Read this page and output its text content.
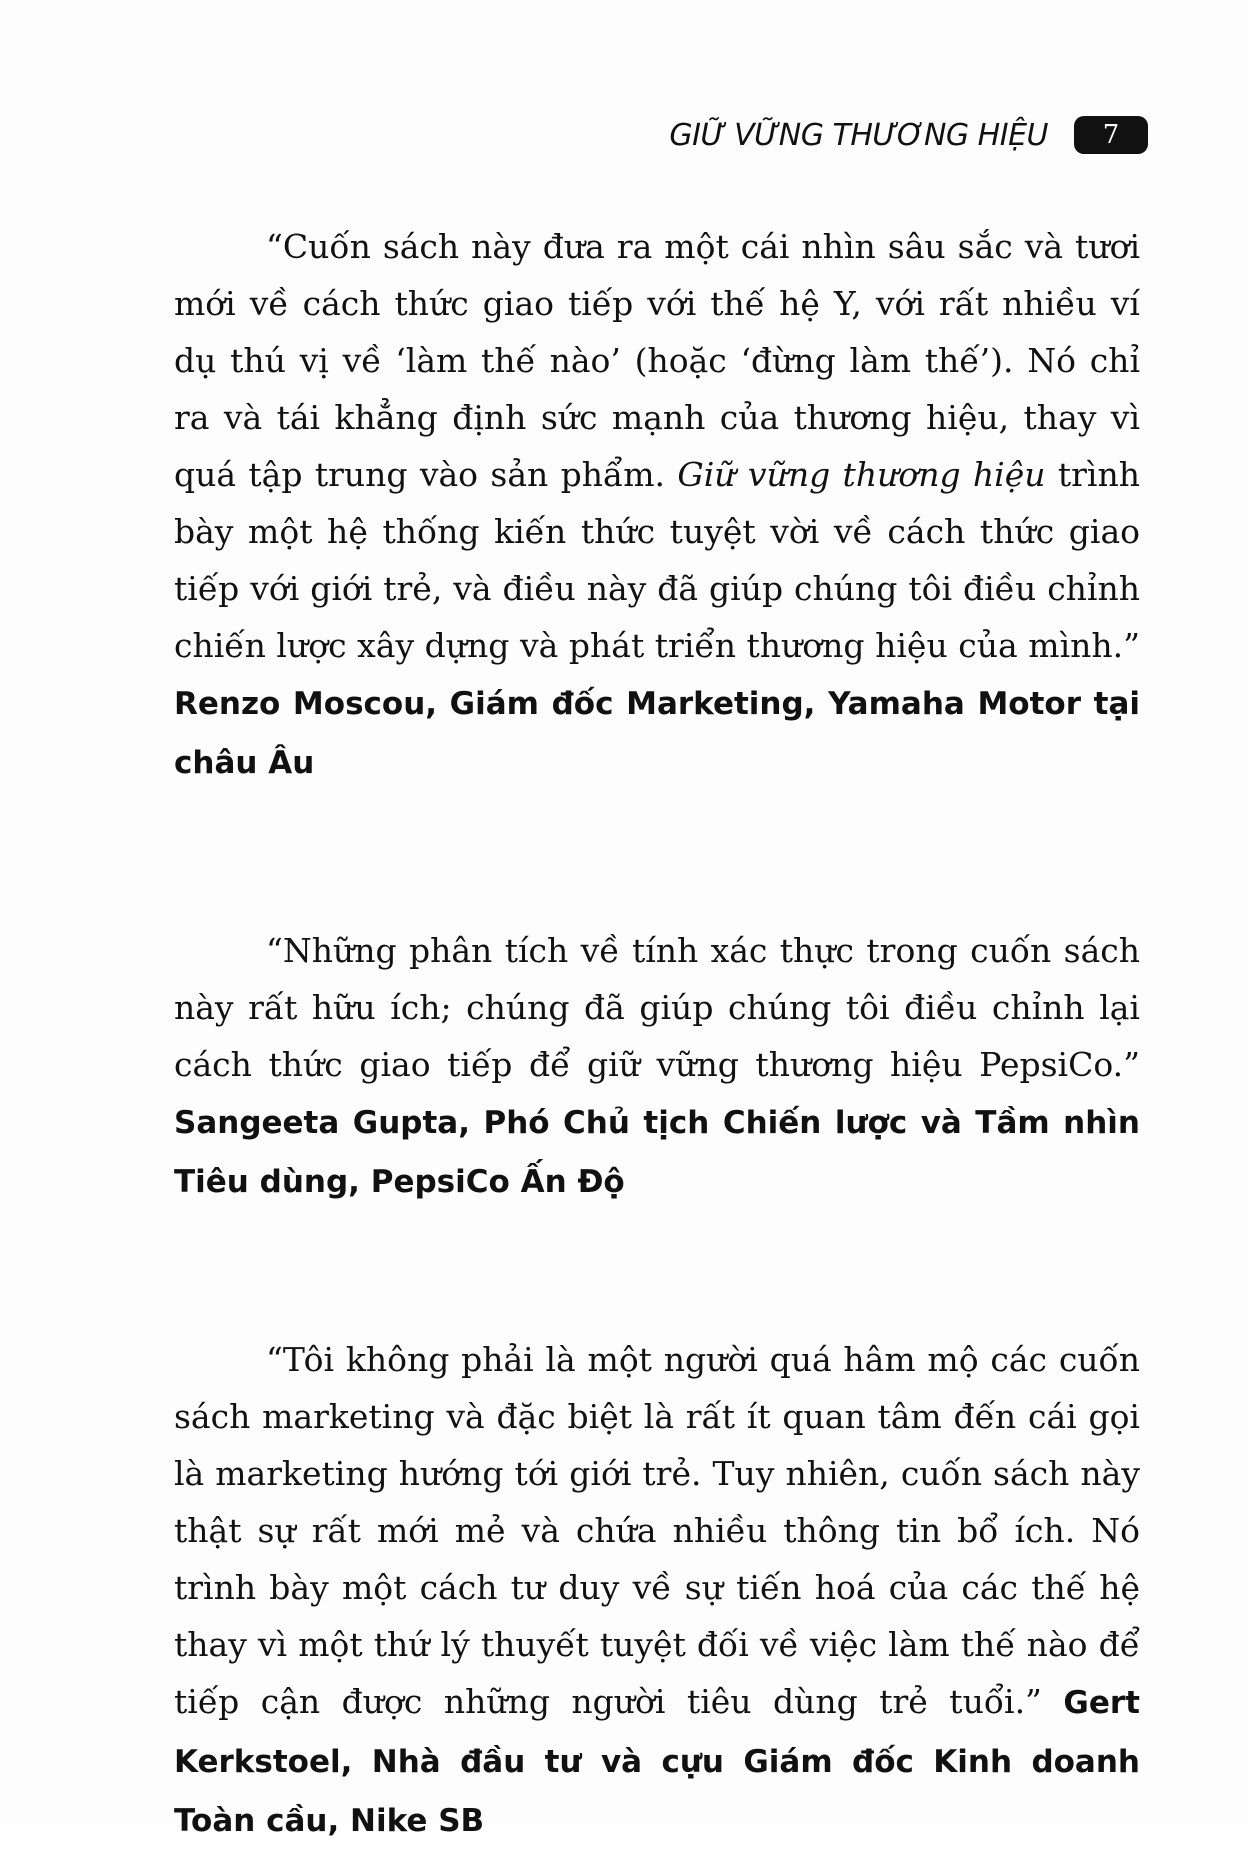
GIỮ VỮNG THƯƠNG HIỆU	7

“Cuốn sách này đưa ra một cái nhìn sâu sắc và tươi mới về cách thức giao tiếp với thế hệ Y, với rất nhiều ví dụ thú vị về ‘làm thế nào’ (hoặc ‘đừng làm thế’). Nó chỉ ra và tái khẳng định sức mạnh của thương hiệu, thay vì quá tập trung vào sản phẩm. Giữ vững thương hiệu trình bày một hệ thống kiến thức tuyệt vời về cách thức giao tiếp với giới trẻ, và điều này đã giúp chúng tôi điều chỉnh chiến lược xây dựng và phát triển thương hiệu của mình.” Renzo Moscou, Giám đốc Marketing, Yamaha Motor tại châu Âu

“Những phân tích về tính xác thực trong cuốn sách này rất hữu ích; chúng đã giúp chúng tôi điều chỉnh lại cách thức giao tiếp để giữ vững thương hiệu PepsiCo.” Sangeeta Gupta, Phó Chủ tịch Chiến lược và Tầm nhìn Tiêu dùng, PepsiCo Ấn Độ

“Tôi không phải là một người quá hâm mộ các cuốn sách marketing và đặc biệt là rất ít quan tâm đến cái gọi là marketing hướng tới giới trẻ. Tuy nhiên, cuốn sách này thật sự rất mới mẻ và chứa nhiều thông tin bổ ích. Nó trình bày một cách tư duy về sự tiến hoá của các thế hệ thay vì một thứ lý thuyết tuyệt đối về việc làm thế nào để tiếp cận được những người tiêu dùng trẻ tuổi.” Gert Kerkstoel, Nhà đầu tư và cựu Giám đốc Kinh doanh Toàn cầu, Nike SB
